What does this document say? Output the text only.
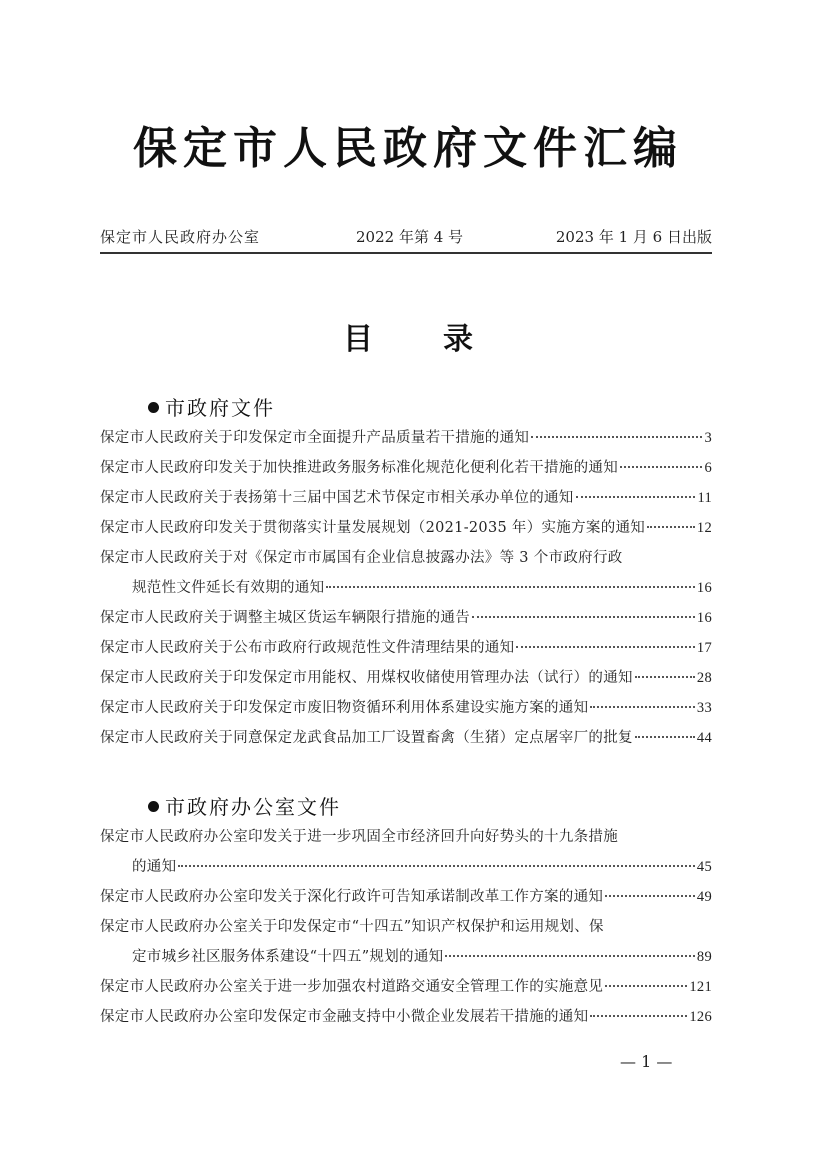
保定市人民政府文件汇编
保定市人民政府办公室	2022 年第 4 号	2023 年 1 月 6 日出版
目 录
市政府文件
保定市人民政府关于印发保定市全面提升产品质量若干措施的通知	3
保定市人民政府印发关于加快推进政务服务标准化规范化便利化若干措施的通知	6
保定市人民政府关于表扬第十三届中国艺术节保定市相关承办单位的通知	11
保定市人民政府印发关于贯彻落实计量发展规划（2021-2035 年）实施方案的通知	12
保定市人民政府关于对《保定市市属国有企业信息披露办法》等 3 个市政府行政
规范性文件延长有效期的通知	16
保定市人民政府关于调整主城区货运车辆限行措施的通告	16
保定市人民政府关于公布市政府行政规范性文件清理结果的通知	17
保定市人民政府关于印发保定市用能权、用煤权收储使用管理办法（试行）的通知	28
保定市人民政府关于印发保定市废旧物资循环利用体系建设实施方案的通知	33
保定市人民政府关于同意保定龙武食品加工厂设置畜禽（生猪）定点屠宰厂的批复	44
市政府办公室文件
保定市人民政府办公室印发关于进一步巩固全市经济回升向好势头的十九条措施
的通知	45
保定市人民政府办公室印发关于深化行政许可告知承诺制改革工作方案的通知	49
保定市人民政府办公室关于印发保定市“十四五”知识产权保护和运用规划、保
定市城乡社区服务体系建设“十四五”规划的通知	89
保定市人民政府办公室关于进一步加强农村道路交通安全管理工作的实施意见	121
保定市人民政府办公室印发保定市金融支持中小微企业发展若干措施的通知	126
— 1 —
